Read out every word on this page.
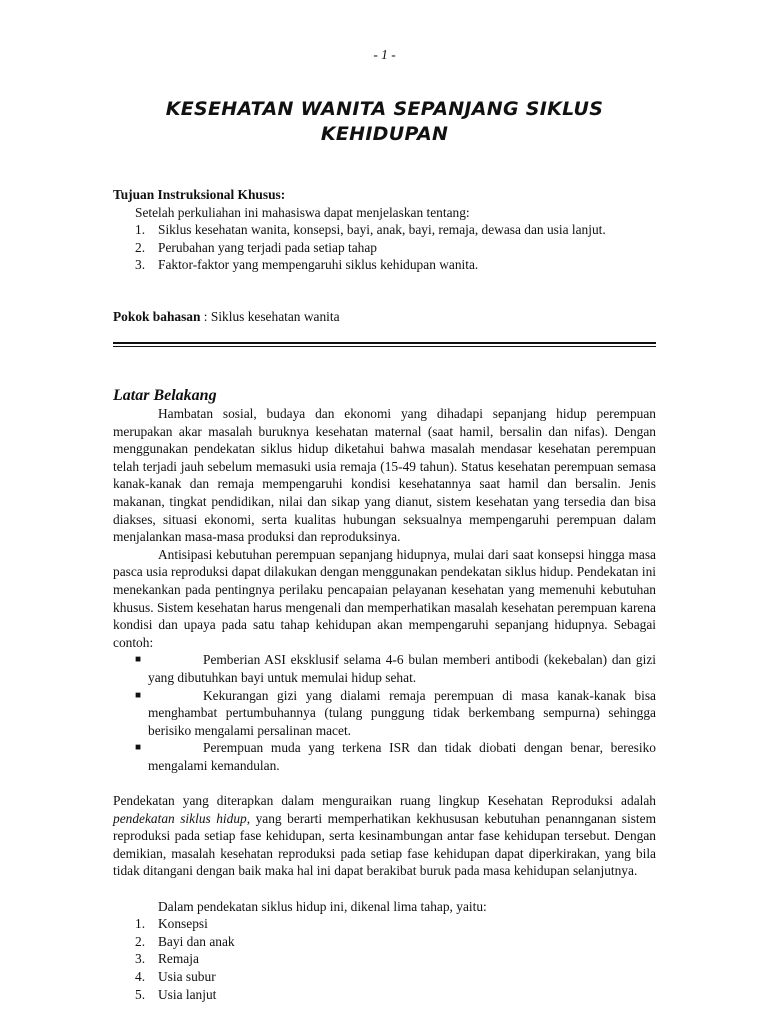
- 1 -
KESEHATAN WANITA SEPANJANG SIKLUS
KEHIDUPAN
Tujuan Instruksional Khusus:
Setelah perkuliahan ini mahasiswa dapat menjelaskan tentang:
1. Siklus kesehatan wanita, konsepsi, bayi, anak, bayi, remaja, dewasa dan usia lanjut.
2. Perubahan yang terjadi pada setiap tahap
3. Faktor-faktor yang mempengaruhi siklus kehidupan wanita.
Pokok bahasan : Siklus kesehatan wanita
Latar Belakang

Hambatan sosial, budaya dan ekonomi yang dihadapi sepanjang hidup perempuan merupakan akar masalah buruknya kesehatan maternal (saat hamil, bersalin dan nifas). Dengan menggunakan pendekatan siklus hidup diketahui bahwa masalah mendasar kesehatan perempuan telah terjadi jauh sebelum memasuki usia remaja (15-49 tahun). Status kesehatan perempuan semasa kanak-kanak dan remaja mempengaruhi kondisi kesehatannya saat hamil dan bersalin. Jenis makanan, tingkat pendidikan, nilai dan sikap yang dianut, sistem kesehatan yang tersedia dan bisa diakses, situasi ekonomi, serta kualitas hubungan seksualnya mempengaruhi perempuan dalam menjalankan masa-masa produksi dan reproduksinya.

Antisipasi kebutuhan perempuan sepanjang hidupnya, mulai dari saat konsepsi hingga masa pasca usia reproduksi dapat dilakukan dengan menggunakan pendekatan siklus hidup. Pendekatan ini menekankan pada pentingnya perilaku pencapaian pelayanan kesehatan yang memenuhi kebutuhan khusus. Sistem kesehatan harus mengenali dan memperhatikan masalah kesehatan perempuan karena kondisi dan upaya pada satu tahap kehidupan akan mempengaruhi sepanjang hidupnya. Sebagai contoh:

■	Pemberian ASI eksklusif selama 4-6 bulan memberi antibodi (kekebalan) dan gizi yang dibutuhkan bayi untuk memulai hidup sehat.
■	Kekurangan gizi yang dialami remaja perempuan di masa kanak-kanak bisa menghambat pertumbuhannya (tulang punggung tidak berkembang sempurna) sehingga berisiko mengalami persalinan macet.
■	Perempuan muda yang terkena ISR dan tidak diobati dengan benar, beresiko mengalami kemandulan.

Pendekatan yang diterapkan dalam menguraikan ruang lingkup Kesehatan Reproduksi adalah pendekatan siklus hidup, yang berarti memperhatikan kekhususan kebutuhan penannganan sistem reproduksi pada setiap fase kehidupan, serta kesinambungan antar fase kehidupan tersebut. Dengan demikian, masalah kesehatan reproduksi pada setiap fase kehidupan dapat diperkirakan, yang bila tidak ditangani dengan baik maka hal ini dapat berakibat buruk pada masa kehidupan selanjutnya.

Dalam pendekatan siklus hidup ini, dikenal lima tahap, yaitu:

1. Konsepsi
2. Bayi dan anak
3. Remaja
4. Usia subur
5. Usia lanjut
